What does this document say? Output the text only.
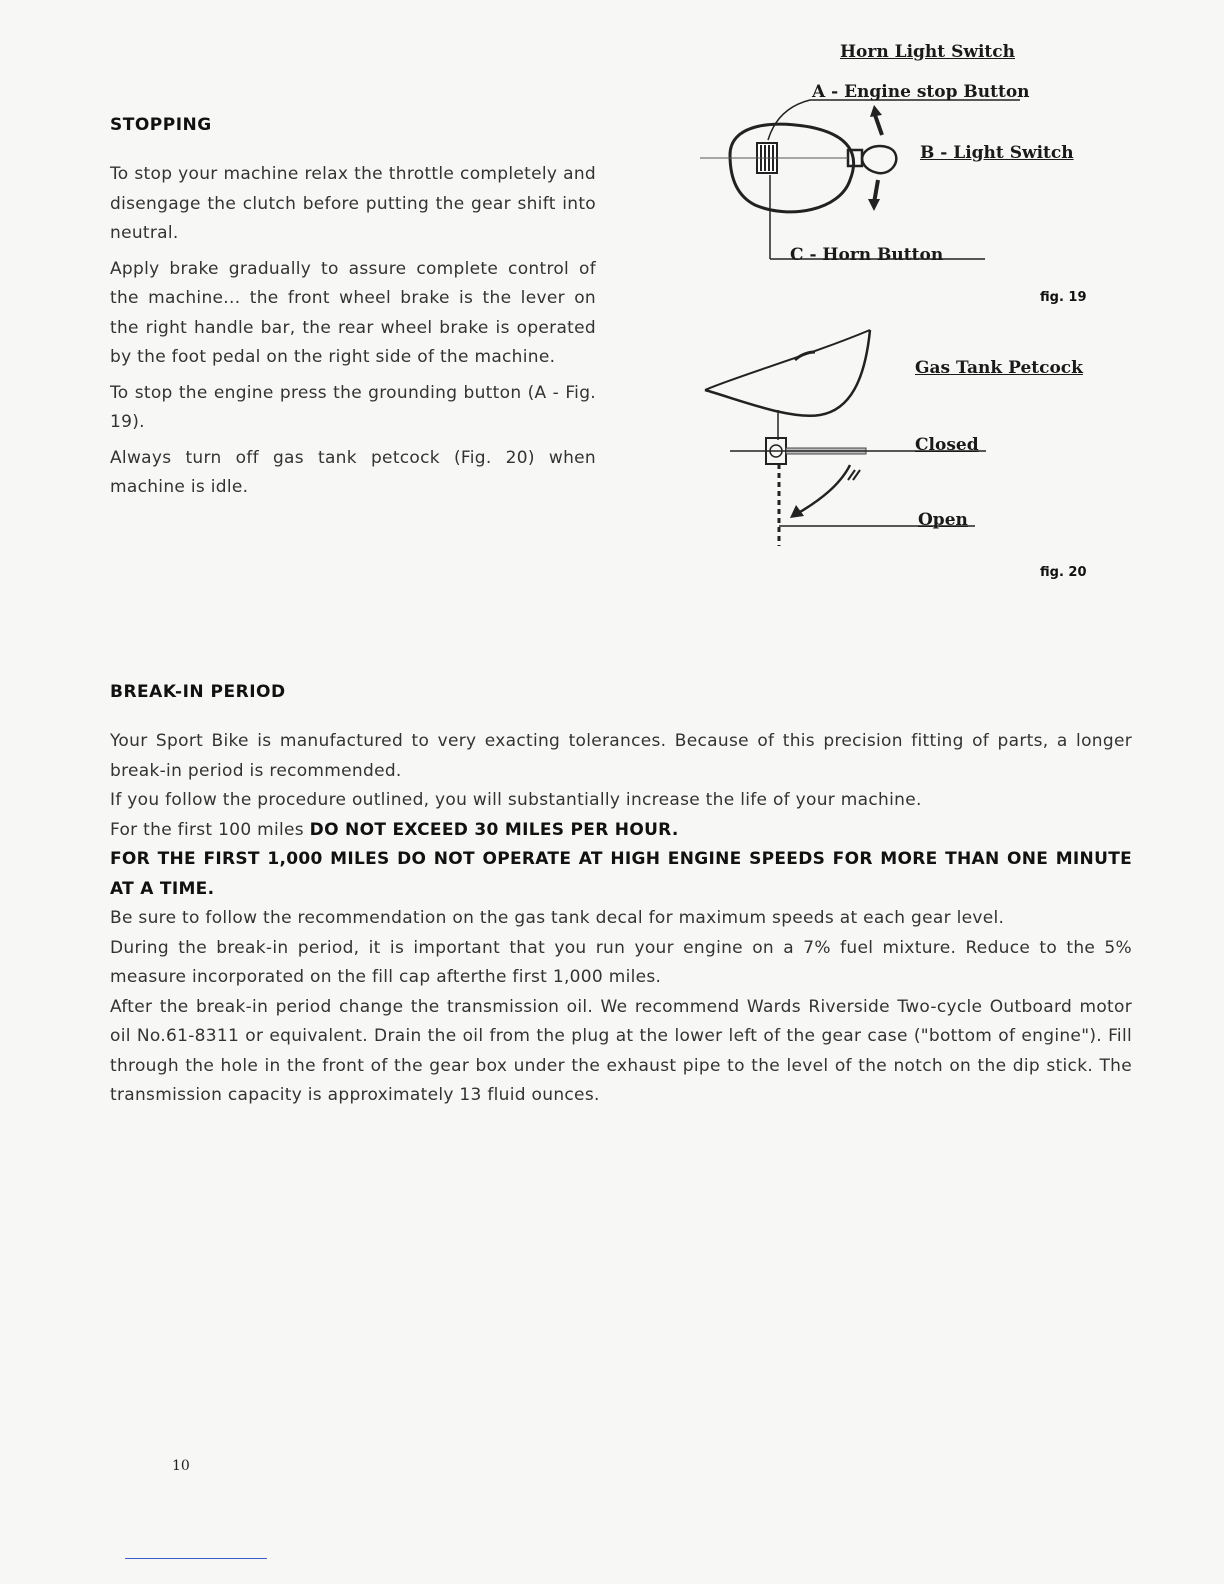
STOPPING

To stop your machine relax the throttle completely and disengage the clutch before putting the gear shift into neutral.

Apply brake gradually to assure complete control of the machine... the front wheel brake is the lever on the right handle bar, the rear wheel brake is operated by the foot pedal on the right side of the machine.

To stop the engine press the grounding button (A - Fig. 19).

Always turn off gas tank petcock (Fig. 20) when machine is idle.

Horn Light Switch
A - Engine stop Button
B - Light Switch
C - Horn Button
fig. 19
Gas Tank Petcock
Closed
Open
fig. 20
BREAK-IN PERIOD

Your Sport Bike is manufactured to very exacting tolerances. Because of this precision fitting of parts, a longer break-in period is recommended.

If you follow the procedure outlined, you will substantially increase the life of your machine.

For the first 100 miles DO NOT EXCEED 30 MILES PER HOUR.

FOR THE FIRST 1,000 MILES DO NOT OPERATE AT HIGH ENGINE SPEEDS FOR MORE THAN ONE MINUTE AT A TIME.

Be sure to follow the recommendation on the gas tank decal for maximum speeds at each gear level.

During the break-in period, it is important that you run your engine on a 7% fuel mixture. Reduce to the 5% measure incorporated on the fill cap afterthe first 1,000 miles.

After the break-in period change the transmission oil. We recommend Wards Riverside Two-cycle Outboard motor oil No.61-8311 or equivalent. Drain the oil from the plug at the lower left of the gear case ("bottom of engine"). Fill through the hole in the front of the gear box under the exhaust pipe to the level of the notch on the dip stick. The transmission capacity is approximately 13 fluid ounces.

10
